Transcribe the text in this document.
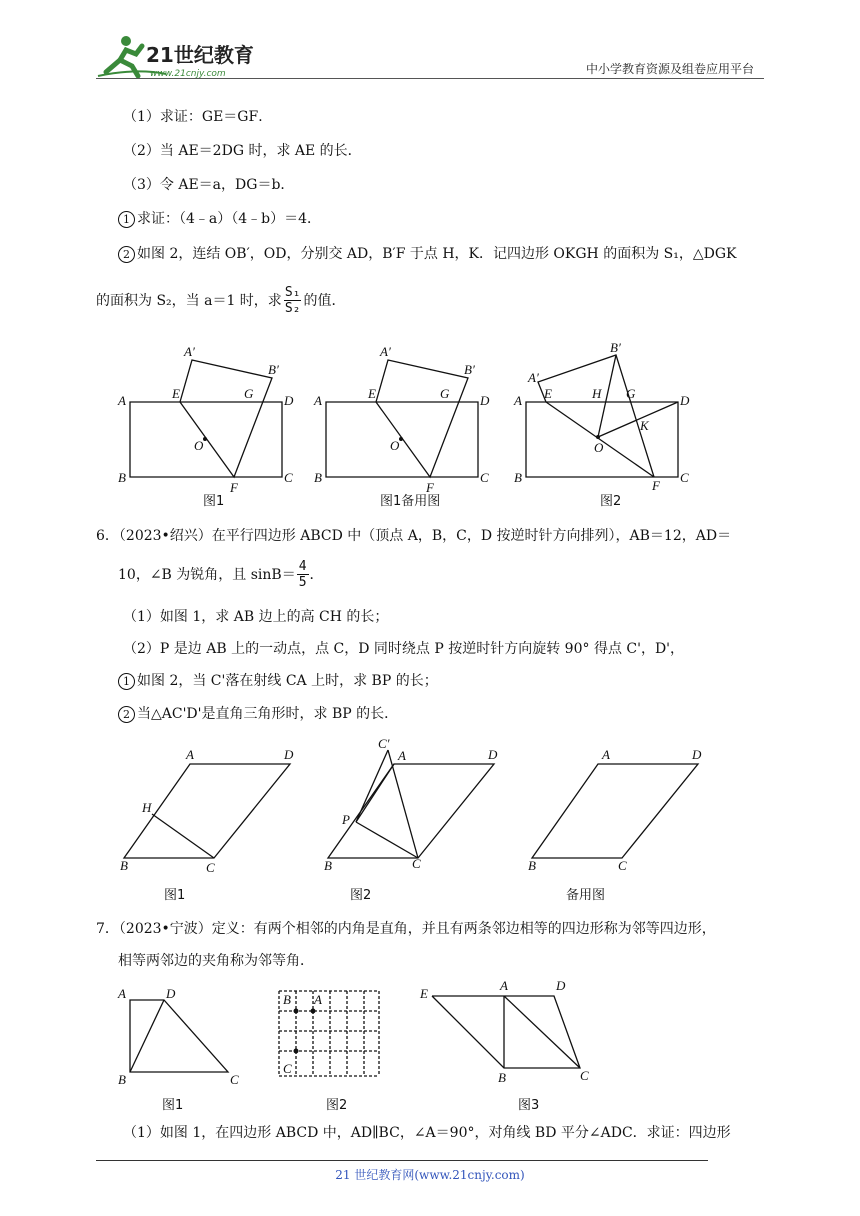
21世纪教育
www.21cnjy.com	中小学教育资源及组卷应用平台
（1）求证：GE＝GF．
（2）当 AE＝2DG 时，求 AE 的长．
（3）令 AE＝a，DG＝b．
1 求证：（4﹣a）（4﹣b）＝4．
2 如图 2，连结 OB′，OD，分别交 AD，B′F 于点 H，K．记四边形 OKGH 的面积为 S₁，△DGK
的面积为 S₂，当 a＝1 时，求 $\frac{\text{S₁}}{\text{S₂}}$ 的值．
A	D
B	C
E	G
A′
B′
O
F
图1
A	D
B	C
E	G
A′
B′
O
F
图1备用图
A	D
B	C
A′
B′
E	H G
K
O
F
图2
6．（2023•绍兴）在平行四边形 ABCD 中（顶点 A，B，C，D 按逆时针方向排列），AB＝12，AD＝
10，∠B 为锐角，且 $\sin B= \frac{4}{5}$ ．
（1）如图 1，求 AB 边上的高 CH 的长；
（2）P 是边 AB 上的一动点，点 C，D 同时绕点 P 按逆时针方向旋转 90° 得点 C'，D'，
1 如图 2，当 C'落在射线 CA 上时，求 BP 的长；
2 当△AC'D'是直角三角形时，求 BP 的长．
B	C
A	D
H
图1
B	C
A	D
P
C′
图2
B	C
A	D
备用图
7．（2023•宁波）定义：有两个相邻的内角是直角，并且有两条邻边相等的四边形称为邻等四边形，
相等两邻边的夹角称为邻等角．
A	D
B	C
图1
B A
C
图2
E
A	D
B	C
图3
（1）如图 1，在四边形 ABCD 中，AD∥BC，∠A＝90°，对角线 BD 平分∠ADC．求证：四边形
21 世纪教育网(www.21cnjy.com)
